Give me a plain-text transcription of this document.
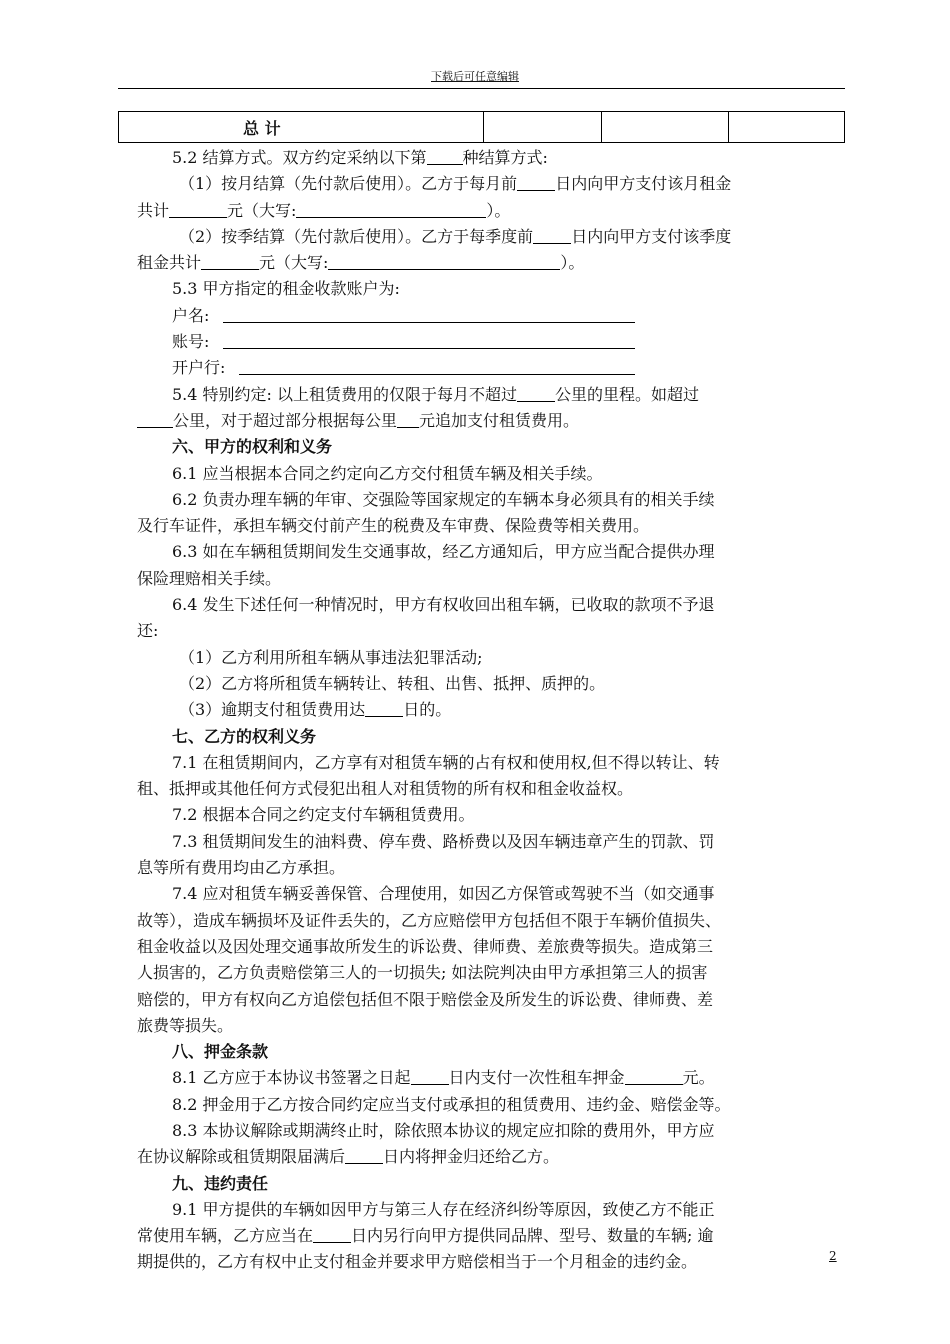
下载后可任意编辑
总 计			
5.2 结算方式。双方约定采纳以下第 种结算方式:
（1）按月结算（先付款后使用）。乙方于每月前 日内向甲方支付该月租金
共计	元（大写:	）。
（2）按季结算（先付款后使用）。乙方于每季度前 日内向甲方支付该季度
租金共计	元（大写:	）。
5.3 甲方指定的租金收款账户为:
户名:
账号:
开户行:
5.4 特别约定: 以上租赁费用的仅限于每月不超过 公里的里程。如超过
公里，对于超过部分根据每公里 元追加支付租赁费用。
六、甲方的权利和义务
6.1 应当根据本合同之约定向乙方交付租赁车辆及相关手续。
6.2 负责办理车辆的年审、交强险等国家规定的车辆本身必须具有的相关手续
及行车证件，承担车辆交付前产生的税费及车审费、保险费等相关费用。
6.3 如在车辆租赁期间发生交通事故，经乙方通知后，甲方应当配合提供办理
保险理赔相关手续。
6.4 发生下述任何一种情况时，甲方有权收回出租车辆，已收取的款项不予退
还:
（1）乙方利用所租车辆从事违法犯罪活动;
（2）乙方将所租赁车辆转让、转租、出售、抵押、质押的。
（3）逾期支付租赁费用达 日的。
七、乙方的权利义务
7.1 在租赁期间内，乙方享有对租赁车辆的占有权和使用权,但不得以转让、转
租、抵押或其他任何方式侵犯出租人对租赁物的所有权和租金收益权。
7.2 根据本合同之约定支付车辆租赁费用。
7.3 租赁期间发生的油料费、停车费、路桥费以及因车辆违章产生的罚款、罚
息等所有费用均由乙方承担。
7.4 应对租赁车辆妥善保管、合理使用，如因乙方保管或驾驶不当（如交通事
故等），造成车辆损坏及证件丢失的，乙方应赔偿甲方包括但不限于车辆价值损失、
租金收益以及因处理交通事故所发生的诉讼费、律师费、差旅费等损失。造成第三
人损害的，乙方负责赔偿第三人的一切损失; 如法院判决由甲方承担第三人的损害
赔偿的，甲方有权向乙方追偿包括但不限于赔偿金及所发生的诉讼费、律师费、差
旅费等损失。
八、押金条款
8.1 乙方应于本协议书签署之日起 日内支付一次性租车押金	元。
8.2 押金用于乙方按合同约定应当支付或承担的租赁费用、违约金、赔偿金等。
8.3 本协议解除或期满终止时，除依照本协议的规定应扣除的费用外，甲方应
在协议解除或租赁期限届满后 日内将押金归还给乙方。
九、违约责任
9.1 甲方提供的车辆如因甲方与第三人存在经济纠纷等原因，致使乙方不能正
常使用车辆，乙方应当在 日内另行向甲方提供同品牌、型号、数量的车辆; 逾
期提供的，乙方有权中止支付租金并要求甲方赔偿相当于一个月租金的违约金。	2
